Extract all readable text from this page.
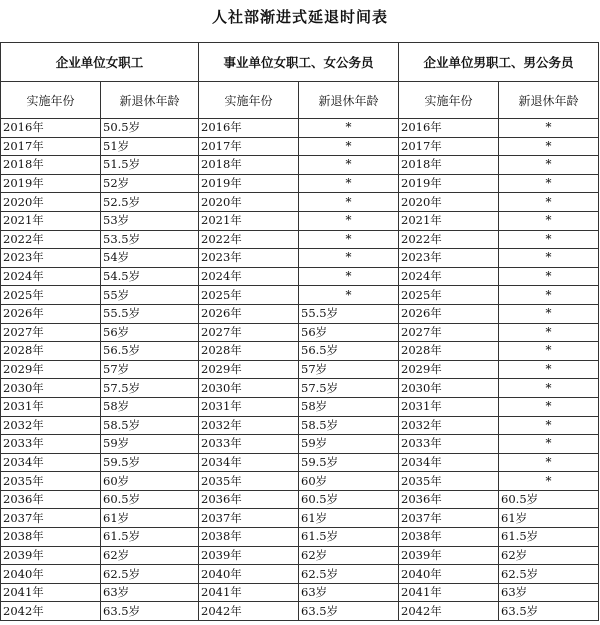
人社部渐进式延退时间表
企业单位女职工		事业单位女职工、女公务员		企业单位男职工、男公务员	
实施年份	新退休年龄	实施年份	新退休年龄	实施年份	新退休年龄
2016年	50.5岁	2016年	*	2016年	*
2017年	51岁	2017年	*	2017年	*
2018年	51.5岁	2018年	*	2018年	*
2019年	52岁	2019年	*	2019年	*
2020年	52.5岁	2020年	*	2020年	*
2021年	53岁	2021年	*	2021年	*
2022年	53.5岁	2022年	*	2022年	*
2023年	54岁	2023年	*	2023年	*
2024年	54.5岁	2024年	*	2024年	*
2025年	55岁	2025年	*	2025年	*
2026年	55.5岁	2026年	55.5岁	2026年	*
2027年	56岁	2027年	56岁	2027年	*
2028年	56.5岁	2028年	56.5岁	2028年	*
2029年	57岁	2029年	57岁	2029年	*
2030年	57.5岁	2030年	57.5岁	2030年	*
2031年	58岁	2031年	58岁	2031年	*
2032年	58.5岁	2032年	58.5岁	2032年	*
2033年	59岁	2033年	59岁	2033年	*
2034年	59.5岁	2034年	59.5岁	2034年	*
2035年	60岁	2035年	60岁	2035年	*
2036年	60.5岁	2036年	60.5岁	2036年	60.5岁
2037年	61岁	2037年	61岁	2037年	61岁
2038年	61.5岁	2038年	61.5岁	2038年	61.5岁
2039年	62岁	2039年	62岁	2039年	62岁
2040年	62.5岁	2040年	62.5岁	2040年	62.5岁
2041年	63岁	2041年	63岁	2041年	63岁
2042年	63.5岁	2042年	63.5岁	2042年	63.5岁
